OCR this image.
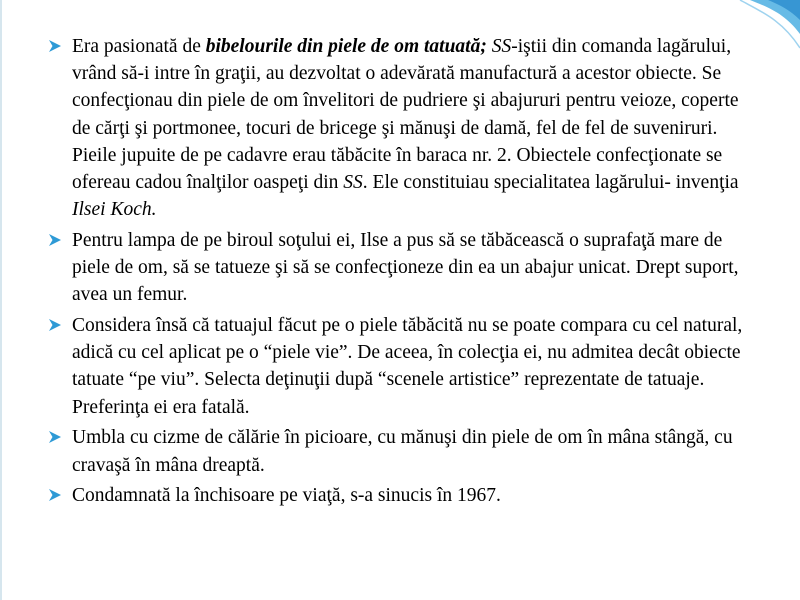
Era pasionată de bibelourile din piele de om tatuată; SS-iştii din comanda lagărului, vrând să-i intre în graţii, au dezvoltat o adevărată manufactură a acestor obiecte. Se confecţionau din piele de om învelitori de pudriere şi abajururi pentru veioze, coperte de cărţi şi portmonee, tocuri de bricege şi mănuşi de damă, fel de fel de suveniruri. Pieile jupuite de pe cadavre erau tăbăcite în baraca nr. 2. Obiectele confecţionate se ofereau cadou înalţilor oaspeţi din SS. Ele constituiau specialitatea lagărului- invenţia Ilsei Koch.
Pentru lampa de pe biroul soţului ei, Ilse a pus să se tăbăcească o suprafaţă mare de piele de om, să se tatueze şi să se confecţioneze din ea un abajur unicat. Drept suport, avea un femur.
Considera însă că tatuajul făcut pe o piele tăbăcită nu se poate compara cu cel natural, adică cu cel aplicat pe o “piele vie”. De aceea, în colecţia ei, nu admitea decât obiecte tatuate “pe viu”. Selecta deţinuţii după “scenele artistice” reprezentate de tatuaje. Preferinţa ei era fatală.
Umbla cu cizme de călărie în picioare, cu mănuşi din piele de om în mâna stângă, cu cravaşă în mâna dreaptă.
Condamnată la închisoare pe viaţă, s-a sinucis în 1967.
